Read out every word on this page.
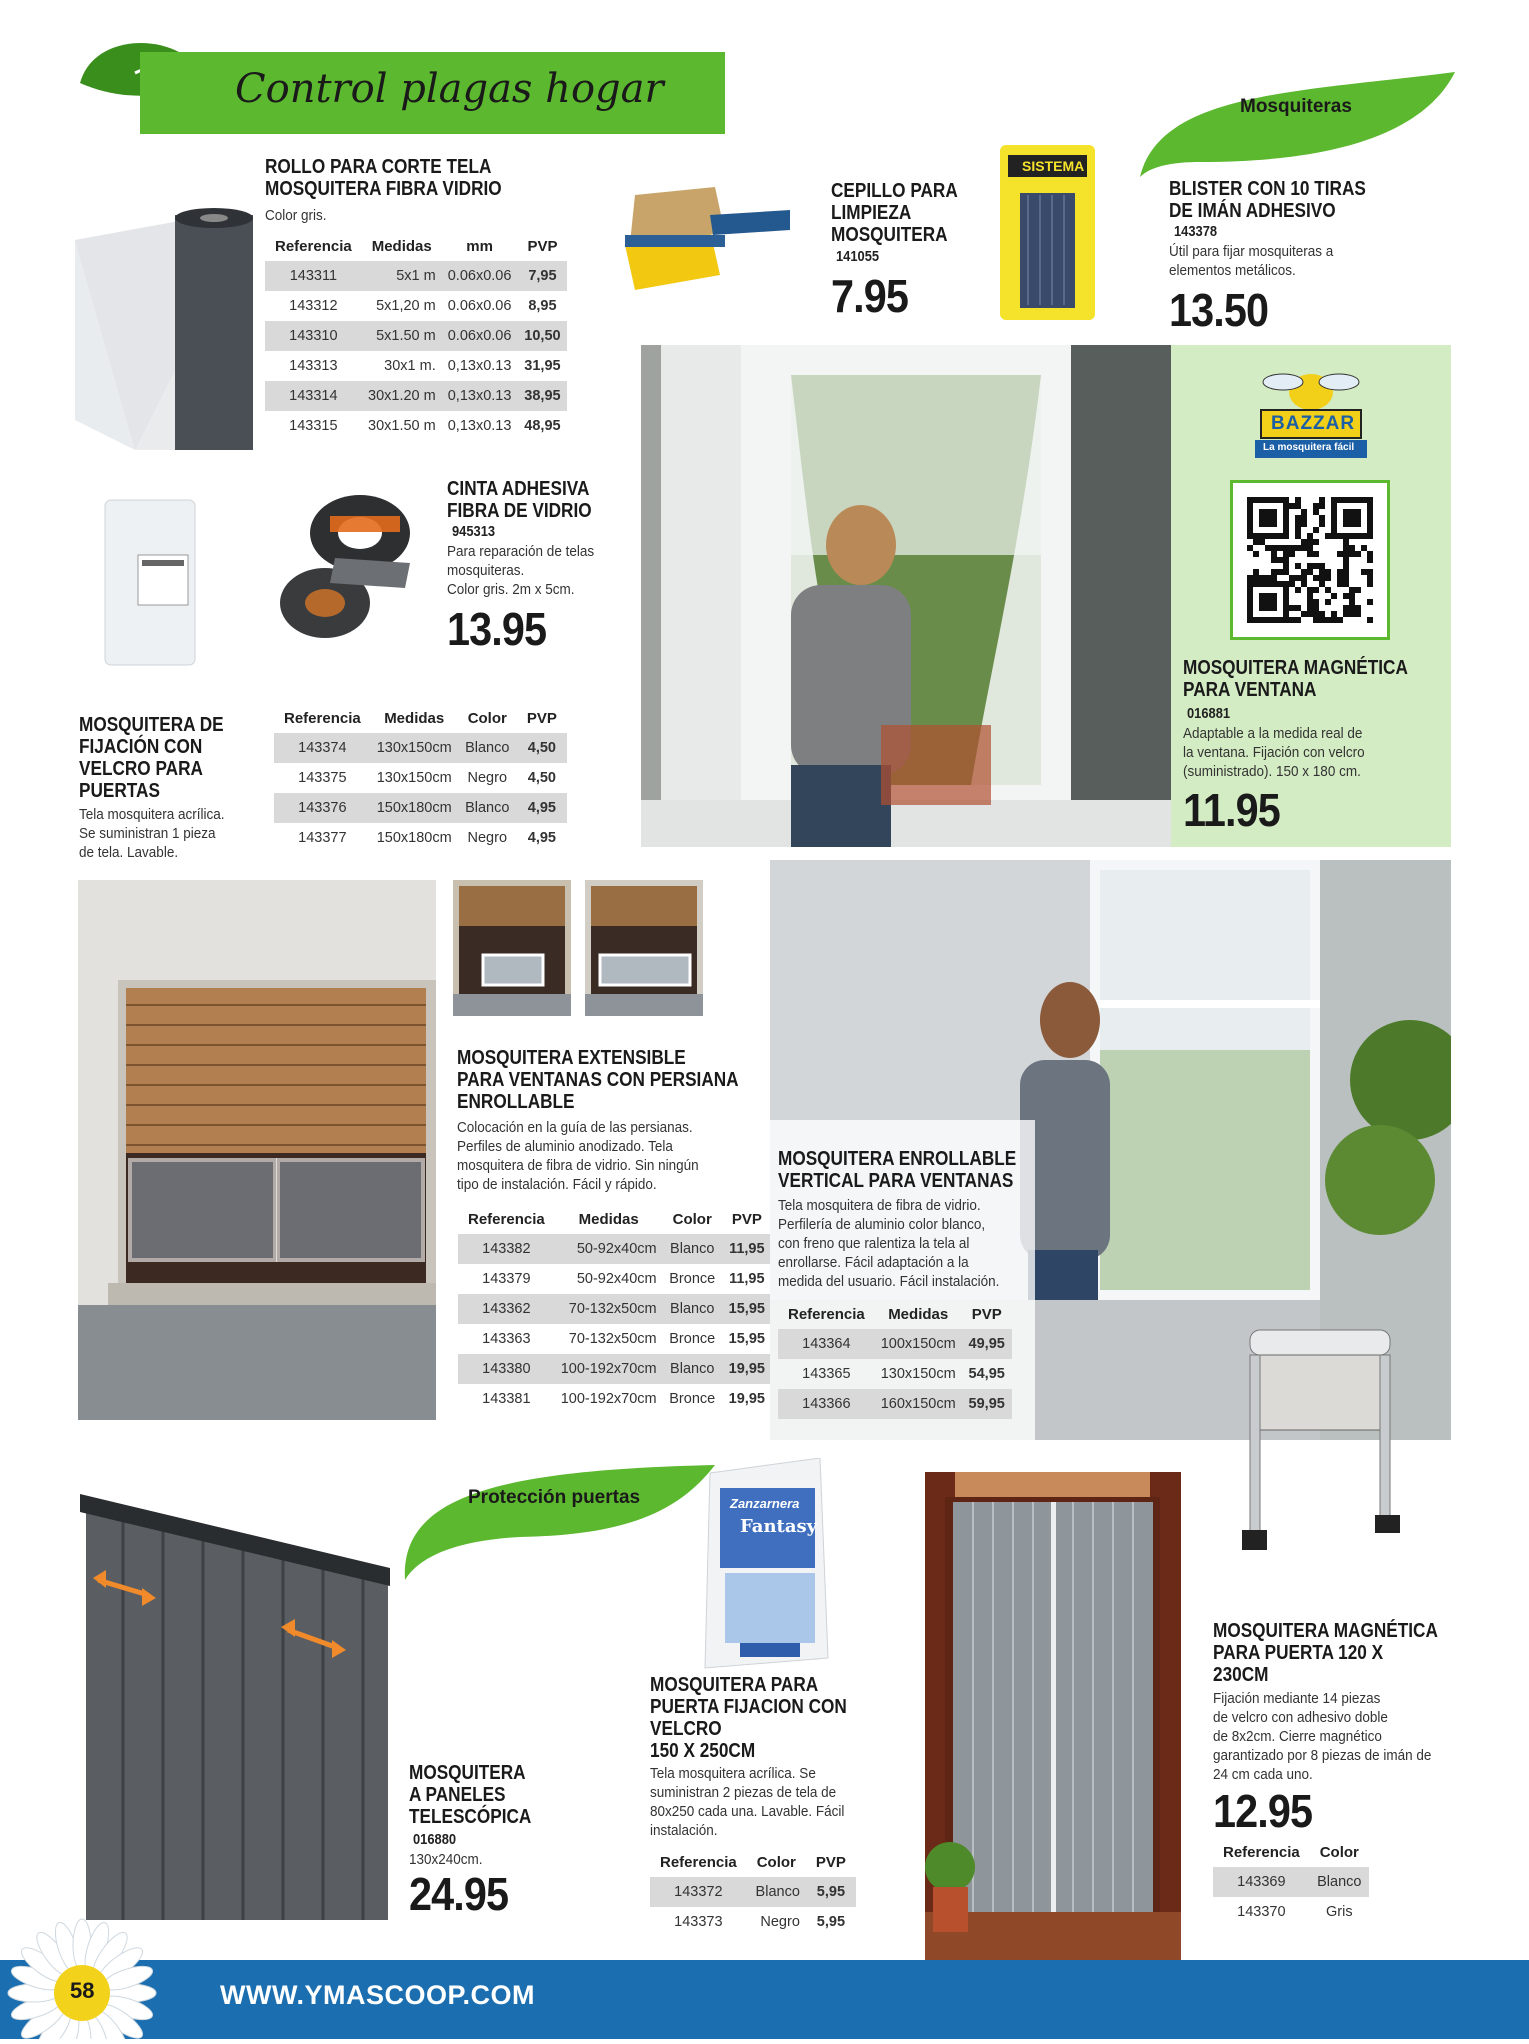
Control plagas hogar	Mosquiteras
ROLLO PARA CORTE TELA
MOSQUITERA FIBRA VIDRIO
Color gris.
Referencia	Medidas	mm	PVP
143311	5x1 m	0.06x0.06	7,95
143312	5x1,20 m	0.06x0.06	8,95
143310	5x1.50 m	0.06x0.06	10,50
143313	30x1 m.	0,13x0.13	31,95
143314	30x1.20 m	0,13x0.13	38,95
143315	30x1.50 m	0,13x0.13	48,95
CEPILLO PARA
LIMPIEZA
MOSQUITERA
141055
7.95
SISTEMA
BLISTER CON 10 TIRAS
DE IMÁN ADHESIVO
143378
Útil para fijar mosquiteras a
elementos metálicos.
13.50
BAZZAR
La mosquitera fácil
MOSQUITERA MAGNÉTICA
PARA VENTANA
016881
Adaptable a la medida real de
la ventana. Fijación con velcro
(suministrado). 150 x 180 cm.
11.95
CINTA ADHESIVA
FIBRA DE VIDRIO
945313
Para reparación de telas
mosquiteras.
Color gris. 2m x 5cm.
13.95
MOSQUITERA DE
FIJACIÓN CON
VELCRO PARA
PUERTAS
Tela mosquitera acrílica.
Se suministran 1 pieza
de tela. Lavable.
Referencia	Medidas	Color	PVP
143374	130x150cm	Blanco	4,50
143375	130x150cm	Negro	4,50
143376	150x180cm	Blanco	4,95
143377	150x180cm	Negro	4,95
MOSQUITERA EXTENSIBLE
PARA VENTANAS CON PERSIANA
ENROLLABLE
Colocación en la guía de las persianas.
Perfiles de aluminio anodizado. Tela
mosquitera de fibra de vidrio. Sin ningún
tipo de instalación. Fácil y rápido.
Referencia	Medidas	Color	PVP
143382	50-92x40cm	Blanco	11,95
143379	50-92x40cm	Bronce	11,95
143362	70-132x50cm	Blanco	15,95
143363	70-132x50cm	Bronce	15,95
143380	100-192x70cm	Blanco	19,95
143381	100-192x70cm	Bronce	19,95
MOSQUITERA ENROLLABLE
VERTICAL PARA VENTANAS
Tela mosquitera de fibra de vidrio.
Perfilería de aluminio color blanco,
con freno que ralentiza la tela al
enrollarse. Fácil adaptación a la
medida del usuario. Fácil instalación.
Referencia	Medidas	PVP
143364	100x150cm	49,95
143365	130x150cm	54,95
143366	160x150cm	59,95
Protección puertas
MOSQUITERA
A PANELES
TELESCÓPICA
016880
130x240cm.
24.95
Zanzarnera
Fantasy
MOSQUITERA PARA
PUERTA FIJACION CON
VELCRO
150 X 250CM
Tela mosquitera acrílica. Se
suministran 2 piezas de tela de
80x250 cada una. Lavable. Fácil
instalación.
Referencia	Color	PVP
143372	Blanco	5,95
143373	Negro	5,95
MOSQUITERA MAGNÉTICA
PARA PUERTA 120 X
230CM
Fijación mediante 14 piezas
de velcro con adhesivo doble
de 8x2cm. Cierre magnético
garantizado por 8 piezas de imán de
24 cm cada uno.
12.95
Referencia	Color
143369	Blanco
143370	Gris
58	WWW.YMASCOOP.COM
